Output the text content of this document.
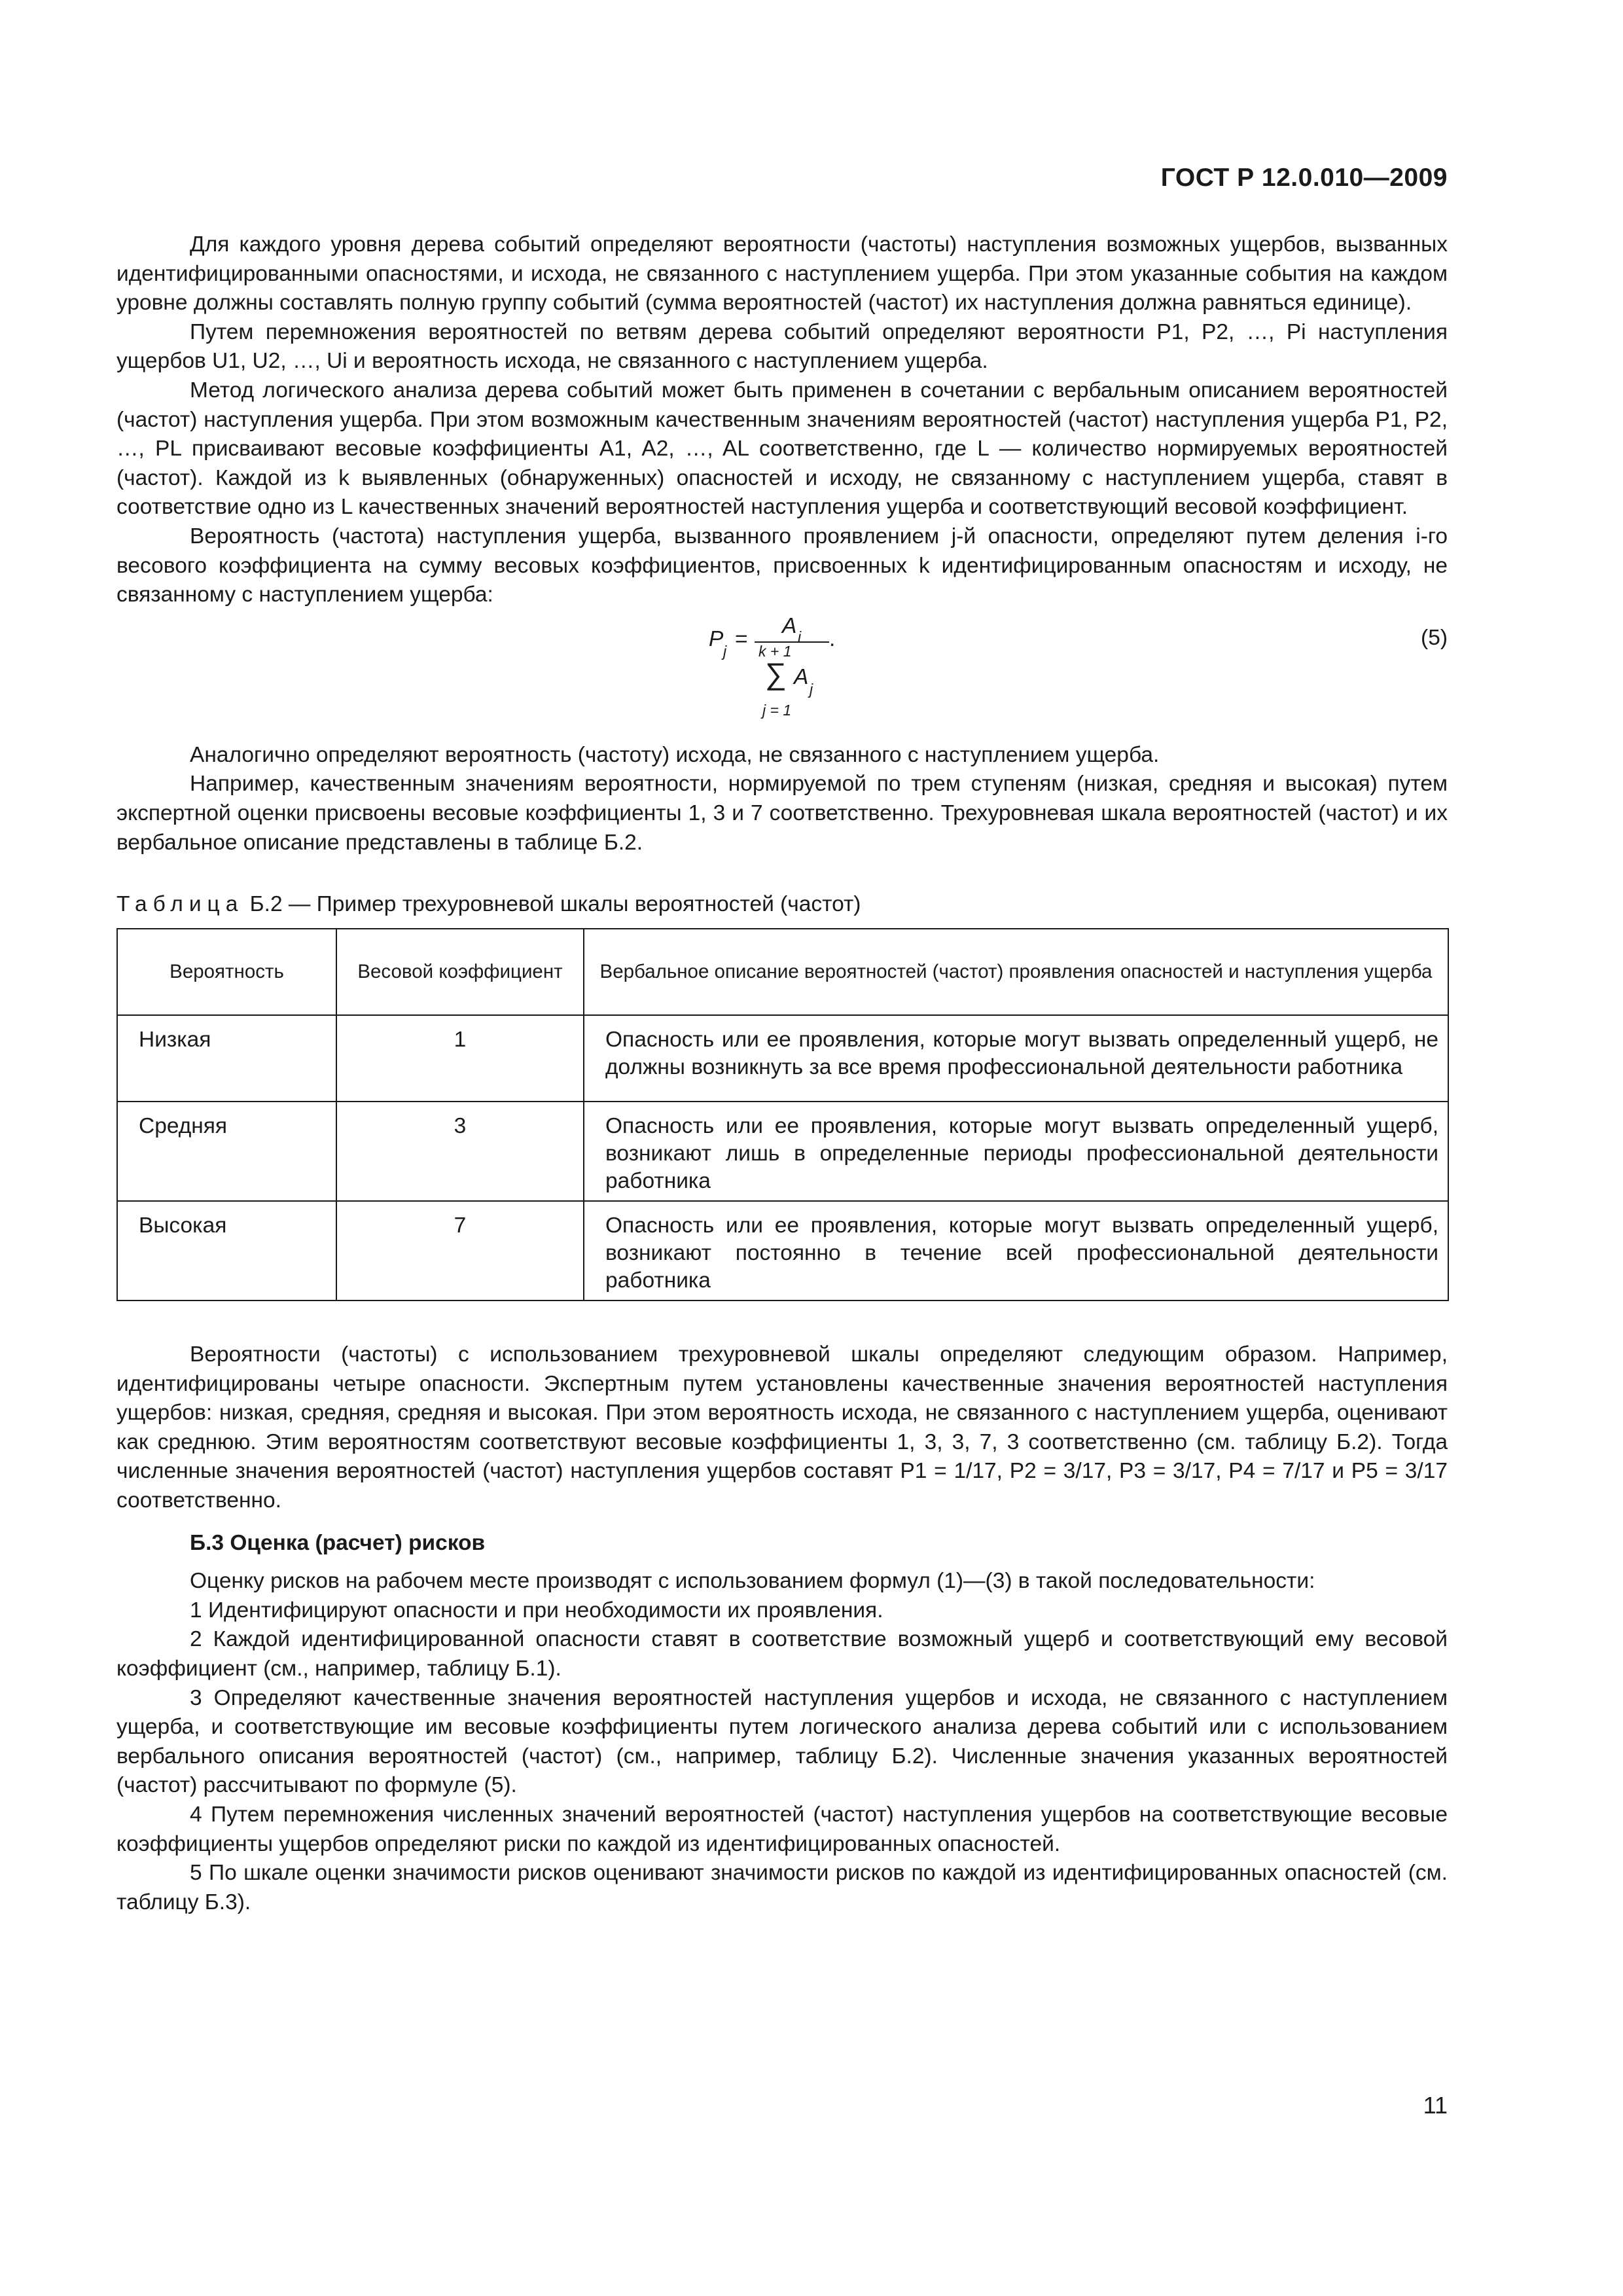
ГОСТ Р 12.0.010—2009

Для каждого уровня дерева событий определяют вероятности (частоты) наступления возможных ущербов, вызванных идентифицированными опасностями, и исхода, не связанного с наступлением ущерба. При этом указанные события на каждом уровне должны составлять полную группу событий (сумма вероятностей (частот) их наступления должна равняться единице).

Путем перемножения вероятностей по ветвям дерева событий определяют вероятности P1, P2, …, Pi наступления ущербов U1, U2, …, Ui и вероятность исхода, не связанного с наступлением ущерба.

Метод логического анализа дерева событий может быть применен в сочетании с вербальным описанием вероятностей (частот) наступления ущерба. При этом возможным качественным значениям вероятностей (частот) наступления ущерба P1, P2, …, PL присваивают весовые коэффициенты A1, A2, …, AL соответственно, где L — количество нормируемых вероятностей (частот). Каждой из k выявленных (обнаруженных) опасностей и исходу, не связанному с наступлением ущерба, ставят в соответствие одно из L качественных значений вероятностей наступления ущерба и соответствующий весовой коэффициент.

Вероятность (частота) наступления ущерба, вызванного проявлением j-й опасности, определяют путем деления i-го весового коэффициента на сумму весовых коэффициентов, присвоенных k идентифицированным опасностям и исходу, не связанному с наступлением ущерба:

P j =
A i .
k + 1
∑ A j
j = 1
(5)

Аналогично определяют вероятность (частоту) исхода, не связанного с наступлением ущерба.

Например, качественным значениям вероятности, нормируемой по трем ступеням (низкая, средняя и высокая) путем экспертной оценки присвоены весовые коэффициенты 1, 3 и 7 соответственно. Трехуровневая шкала вероятностей (частот) и их вербальное описание представлены в таблице Б.2.

Таблица Б.2 — Пример трехуровневой шкалы вероятностей (частот)
Вероятность	Весовой коэффициент	Вербальное описание вероятностей (частот) проявления опасностей и наступления ущерба
Низкая	1	Опасность или ее проявления, которые могут вызвать определенный ущерб, не должны возникнуть за все время профессиональной деятельности работника
Средняя	3	Опасность или ее проявления, которые могут вызвать определенный ущерб, возникают лишь в определенные периоды профессиональной деятельности работника
Высокая	7	Опасность или ее проявления, которые могут вызвать определенный ущерб, возникают постоянно в течение всей профессиональной деятельности работника

Вероятности (частоты) с использованием трехуровневой шкалы определяют следующим образом. Например, идентифицированы четыре опасности. Экспертным путем установлены качественные значения вероятностей наступления ущербов: низкая, средняя, средняя и высокая. При этом вероятность исхода, не связанного с наступлением ущерба, оценивают как среднюю. Этим вероятностям соответствуют весовые коэффициенты 1, 3, 3, 7, 3 соответственно (см. таблицу Б.2). Тогда численные значения вероятностей (частот) наступления ущербов составят P1 = 1/17, P2 = 3/17, P3 = 3/17, P4 = 7/17 и P5 = 3/17 соответственно.

Б.3 Оценка (расчет) рисков

Оценку рисков на рабочем месте производят с использованием формул (1)—(3) в такой последовательности:

1 Идентифицируют опасности и при необходимости их проявления.

2 Каждой идентифицированной опасности ставят в соответствие возможный ущерб и соответствующий ему весовой коэффициент (см., например, таблицу Б.1).

3 Определяют качественные значения вероятностей наступления ущербов и исхода, не связанного с наступлением ущерба, и соответствующие им весовые коэффициенты путем логического анализа дерева событий или с использованием вербального описания вероятностей (частот) (см., например, таблицу Б.2). Численные значения указанных вероятностей (частот) рассчитывают по формуле (5).

4 Путем перемножения численных значений вероятностей (частот) наступления ущербов на соответствующие весовые коэффициенты ущербов определяют риски по каждой из идентифицированных опасностей.

5 По шкале оценки значимости рисков оценивают значимости рисков по каждой из идентифицированных опасностей (см. таблицу Б.3).

11
